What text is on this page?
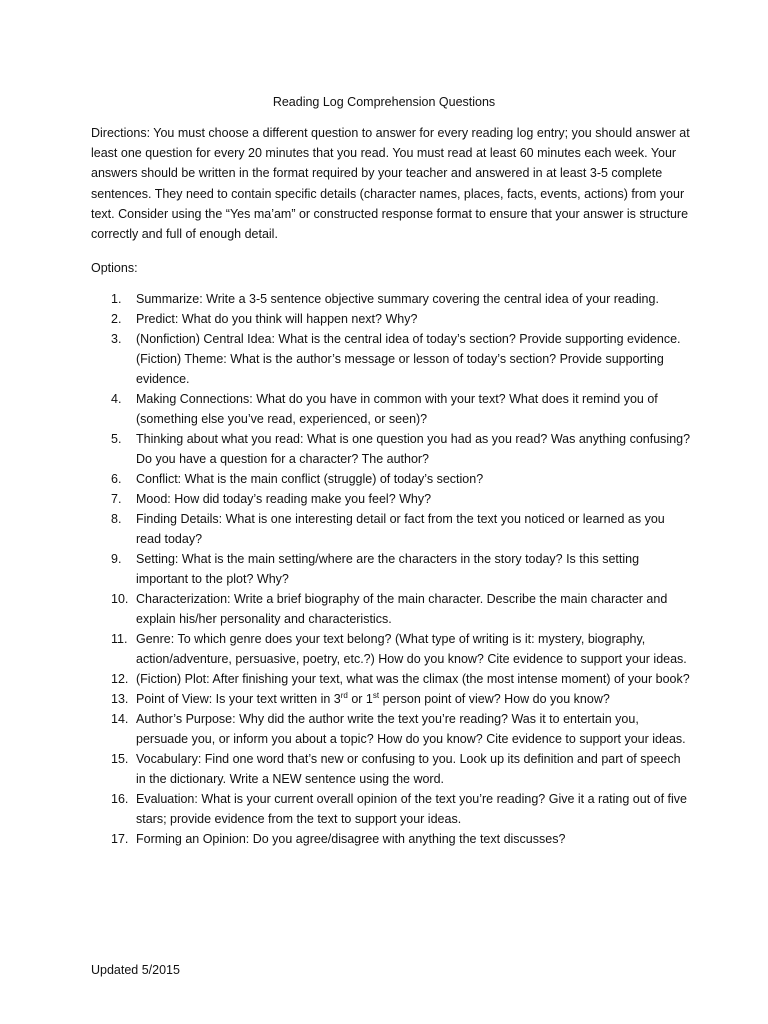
Reading Log Comprehension Questions
Directions: You must choose a different question to answer for every reading log entry; you should answer at least one question for every 20 minutes that you read. You must read at least 60 minutes each week. Your answers should be written in the format required by your teacher and answered in at least 3-5 complete sentences. They need to contain specific details (character names, places, facts, events, actions) from your text. Consider using the “Yes ma’am” or constructed response format to ensure that your answer is structure correctly and full of enough detail.
Options:
1.	Summarize: Write a 3-5 sentence objective summary covering the central idea of your reading.
2.	Predict: What do you think will happen next? Why?
3.	(Nonfiction) Central Idea: What is the central idea of today’s section? Provide supporting evidence.
(Fiction) Theme: What is the author’s message or lesson of today’s section? Provide supporting evidence.
4.	Making Connections: What do you have in common with your text? What does it remind you of (something else you’ve read, experienced, or seen)?
5.	Thinking about what you read: What is one question you had as you read? Was anything confusing? Do you have a question for a character? The author?
6.	Conflict: What is the main conflict (struggle) of today’s section?
7.	Mood: How did today’s reading make you feel? Why?
8.	Finding Details: What is one interesting detail or fact from the text you noticed or learned as you read today?
9.	Setting: What is the main setting/where are the characters in the story today? Is this setting important to the plot? Why?
10. Characterization: Write a brief biography of the main character. Describe the main character and explain his/her personality and characteristics.
11. Genre: To which genre does your text belong? (What type of writing is it: mystery, biography, action/adventure, persuasive, poetry, etc.?) How do you know? Cite evidence to support your ideas.
12. (Fiction) Plot: After finishing your text, what was the climax (the most intense moment) of your book?
13. Point of View: Is your text written in 3rd or 1st person point of view? How do you know?
14. Author’s Purpose: Why did the author write the text you’re reading? Was it to entertain you, persuade you, or inform you about a topic? How do you know? Cite evidence to support your ideas.
15. Vocabulary: Find one word that’s new or confusing to you. Look up its definition and part of speech in the dictionary. Write a NEW sentence using the word.
16. Evaluation: What is your current overall opinion of the text you’re reading? Give it a rating out of five stars; provide evidence from the text to support your ideas.
17. Forming an Opinion: Do you agree/disagree with anything the text discusses?
Updated 5/2015
